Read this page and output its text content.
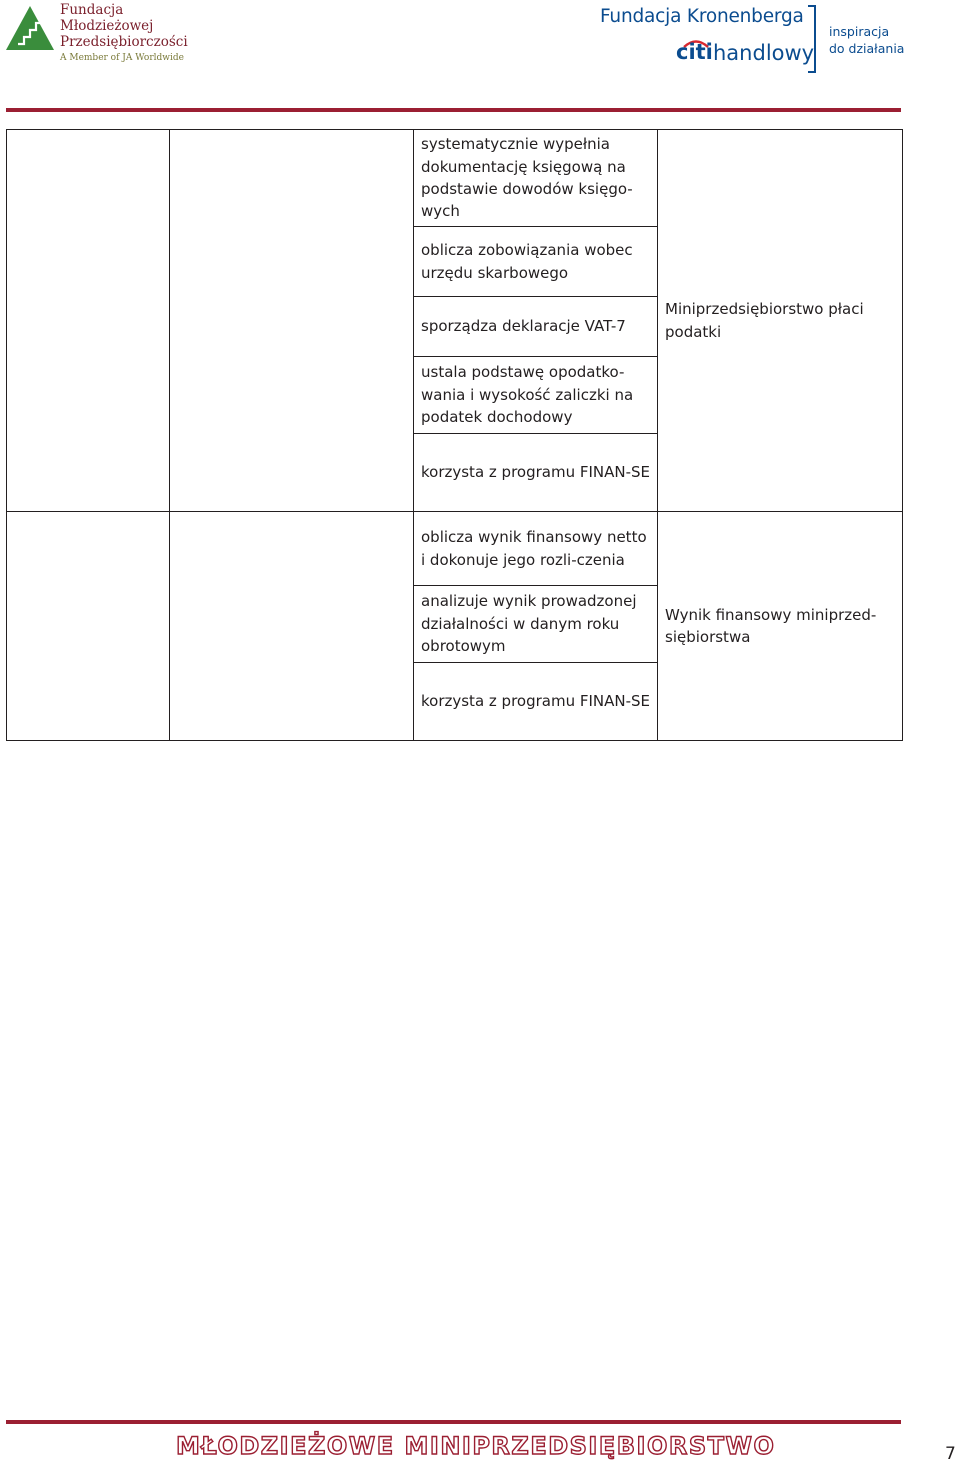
Fundacja
Młodzieżowej
Przedsiębiorczości
A Member of JA Worldwide
Fundacja Kronenberga
citi handlowy
inspiracja
do działania
		systematycznie wypełnia dokumentację księgową na podstawie dowodów księgo-wych	Miniprzedsiębiorstwo płaci podatki
		oblicza zobowiązania wobec urzędu skarbowego	
		sporządza deklaracje VAT-7	
		ustala podstawę opodatko-wania i wysokość zaliczki na podatek dochodowy	
		korzysta z programu FINAN-SE	
		oblicza wynik finansowy netto i dokonuje jego rozli-czenia	Wynik finansowy miniprzed-siębiorstwa
		analizuje wynik prowadzonej działalności w danym roku obrotowym	
		korzysta z programu FINAN-SE	
MŁODZIEŻOWE MINIPRZEDSIĘBIORSTWO	7
